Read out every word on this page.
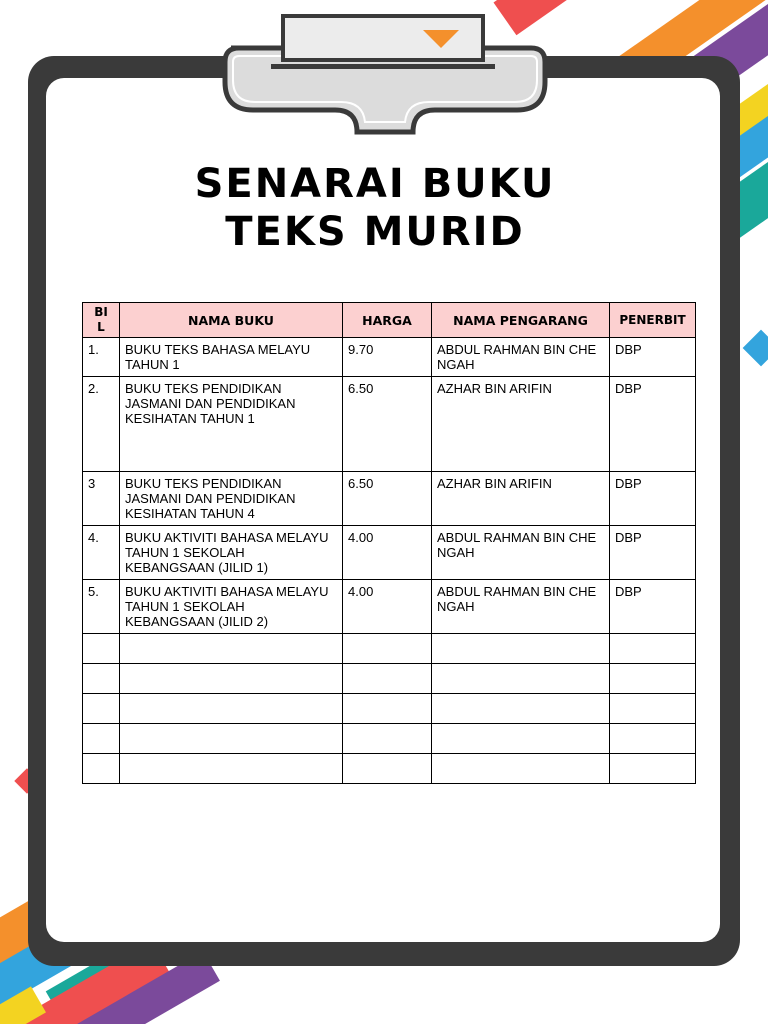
SENARAI BUKU
TEKS MURID
BIL	NAMA BUKU	HARGA	NAMA PENGARANG	PENERBIT
1.	BUKU TEKS BAHASA MELAYU TAHUN 1	9.70	ABDUL RAHMAN BIN CHE NGAH	DBP
2.	BUKU TEKS PENDIDIKAN JASMANI DAN PENDIDIKAN KESIHATAN TAHUN 1	6.50	AZHAR BIN ARIFIN	DBP
3	BUKU TEKS PENDIDIKAN JASMANI DAN PENDIDIKAN KESIHATAN TAHUN 4	6.50	AZHAR BIN ARIFIN	DBP
4.	BUKU AKTIVITI BAHASA MELAYU TAHUN 1 SEKOLAH KEBANGSAAN (JILID 1)	4.00	ABDUL RAHMAN BIN CHE NGAH	DBP
5.	BUKU AKTIVITI BAHASA MELAYU TAHUN 1 SEKOLAH KEBANGSAAN (JILID 2)	4.00	ABDUL RAHMAN BIN CHE NGAH	DBP
